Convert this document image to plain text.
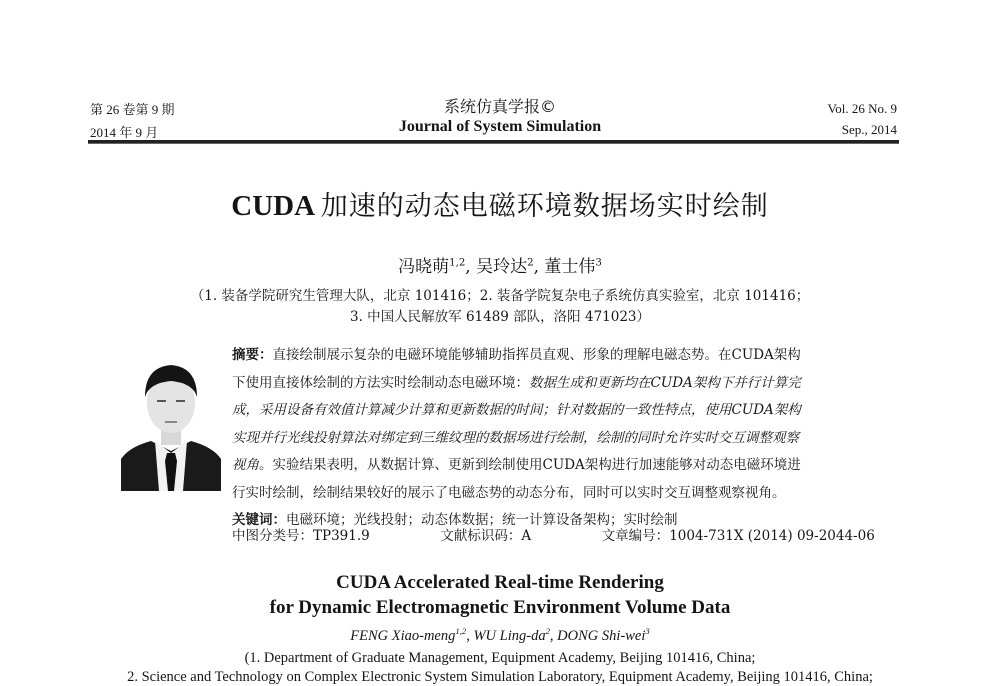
第 26 卷第 9 期
2014 年 9 月
系统仿真学报©
Journal of System Simulation
Vol. 26 No. 9
Sep., 2014
CUDA 加速的动态电磁环境数据场实时绘制
冯晓萌$^{1,2}$, 吴玲达$^2$, 董士伟$^3$
（1. 装备学院研究生管理大队，北京 101416；2. 装备学院复杂电子系统仿真实验室，北京 101416；
3. 中国人民解放军 61489 部队，洛阳 471023）
摘要：直接绘制展示复杂的电磁环境能够辅助指挥员直观、形象的理解电磁态势。在CUDA架构
下使用直接体绘制的方法实时绘制动态电磁环境：数据生成和更新均在CUDA架构下并行计算完
成，采用设备有效值计算减少计算和更新数据的时间；针对数据的一致性特点，使用CUDA架构
实现并行光线投射算法对绑定到三维纹理的数据场进行绘制，绘制的同时允许实时交互调整观察
视角。实验结果表明，从数据计算、更新到绘制使用CUDA架构进行加速能够对动态电磁环境进
行实时绘制，绘制结果较好的展示了电磁态势的动态分布，同时可以实时交互调整观察视角。
关键词：电磁环境；光线投射；动态体数据；统一计算设备架构；实时绘制
中图分类号：TP391.9	文献标识码：A	文章编号：1004-731X (2014) 09-2044-06
CUDA Accelerated Real-time Rendering
for Dynamic Electromagnetic Environment Volume Data
FENG Xiao-meng$^{1,2}$, WU Ling-$da^2$, DONG Shi-wei$^3$
(1. Department of Graduate Management, Equipment Academy, Beijing 101416, China;
2. Science and Technology on Complex Electronic System Simulation Laboratory, Equipment Academy, Beijing 101416, China;
